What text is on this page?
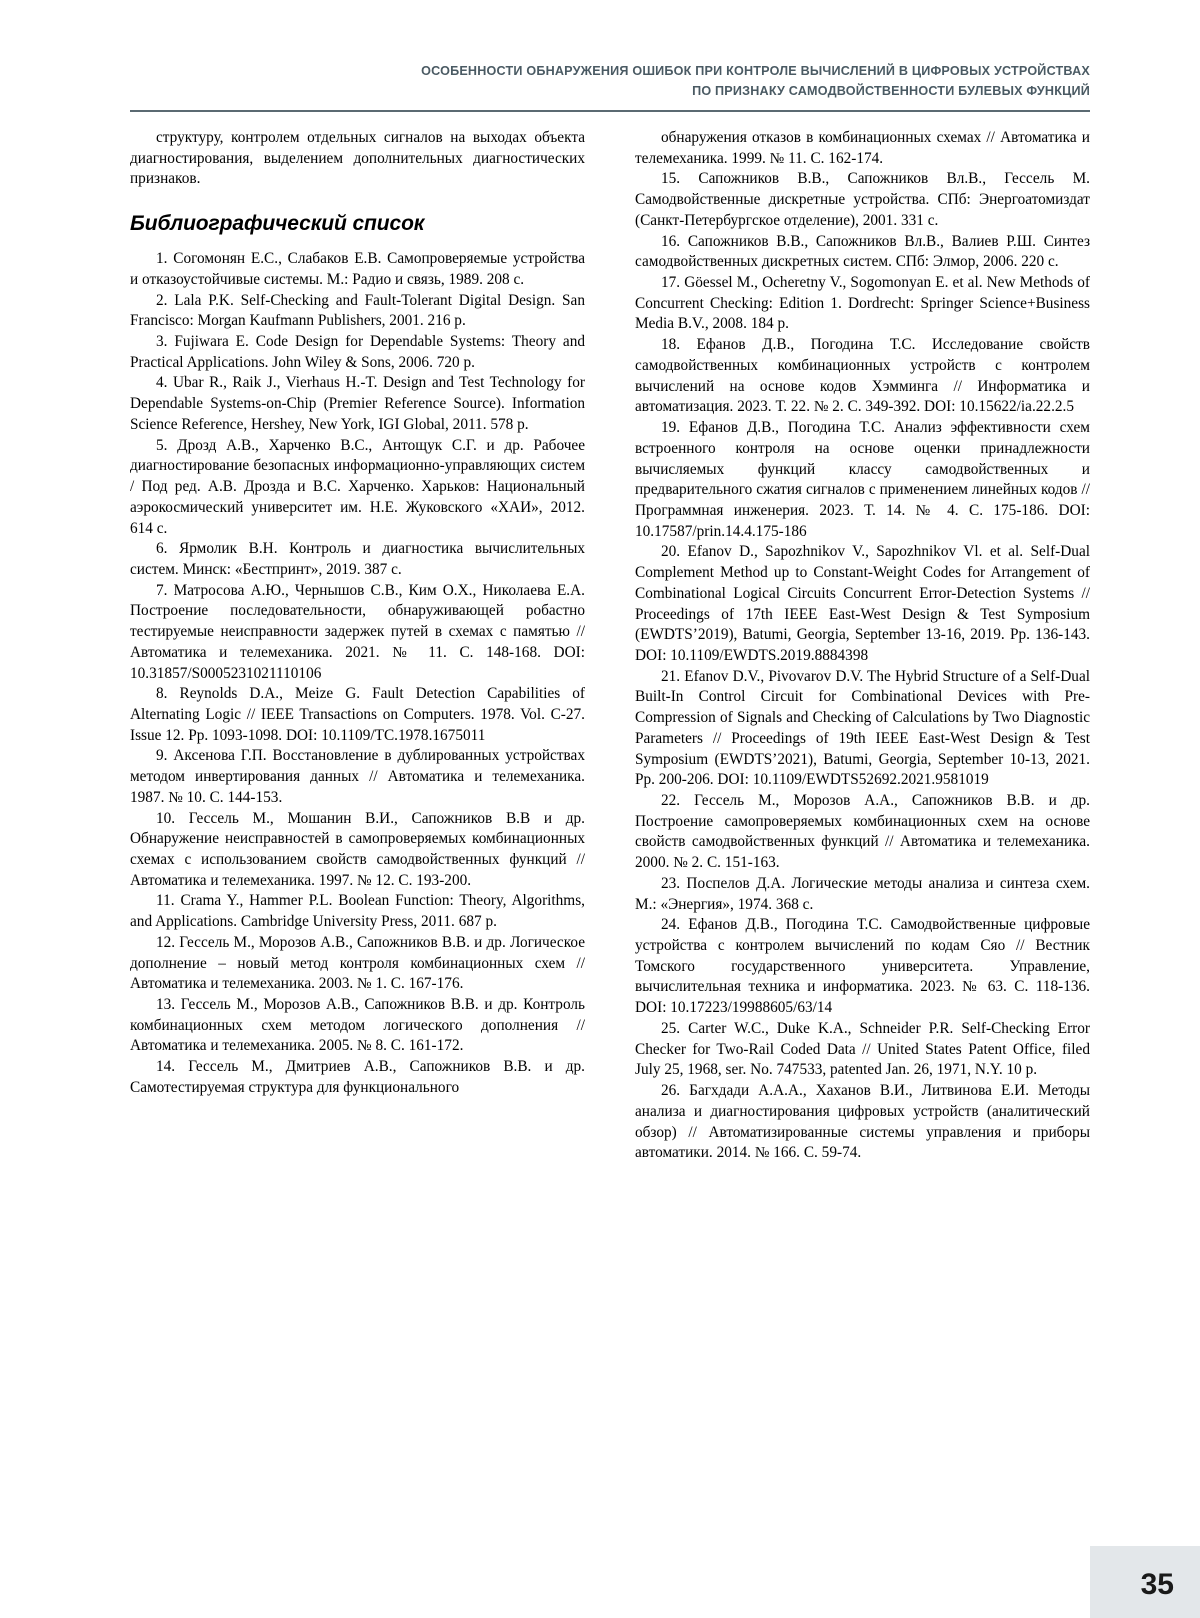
ОСОБЕННОСТИ ОБНАРУЖЕНИЯ ОШИБОК ПРИ КОНТРОЛЕ ВЫЧИСЛЕНИЙ В ЦИФРОВЫХ УСТРОЙСТВАХ
ПО ПРИЗНАКУ САМОДВОЙСТВЕННОСТИ БУЛЕВЫХ ФУНКЦИЙ

структуру, контролем отдельных сигналов на выходах объекта диагностирования, выделением дополнительных диагностических признаков.

Библиографический список
1. Согомонян Е.С., Слабаков Е.В. Самопроверяемые устройства и отказоустойчивые системы. М.: Радио и связь, 1989. 208 с.
2. Lala P.K. Self-Checking and Fault-Tolerant Digital Design. San Francisco: Morgan Kaufmann Publishers, 2001. 216 p.
3. Fujiwara E. Code Design for Dependable Systems: Theory and Practical Applications. John Wiley & Sons, 2006. 720 p.
4. Ubar R., Raik J., Vierhaus H.-T. Design and Test Technology for Dependable Systems-on-Chip (Premier Reference Source). Information Science Reference, Hershey, New York, IGI Global, 2011. 578 p.
5. Дрозд А.В., Харченко В.С., Антощук С.Г. и др. Рабочее диагностирование безопасных информационно-управляющих систем / Под ред. А.В. Дрозда и В.С. Харченко. Харьков: Национальный аэрокосмический университет им. Н.Е. Жуковского «ХАИ», 2012. 614 с.
6. Ярмолик В.Н. Контроль и диагностика вычислительных систем. Минск: «Бестпринт», 2019. 387 с.
7. Матросова А.Ю., Чернышов С.В., Ким О.Х., Николаева Е.А. Построение последовательности, обнаруживающей робастно тестируемые неисправности задержек путей в схемах с памятью // Автоматика и телемеханика. 2021. № 11. С. 148-168. DOI: 10.31857/S0005231021110106
8. Reynolds D.A., Meize G. Fault Detection Capabilities of Alternating Logic // IEEE Transactions on Computers. 1978. Vol. C-27. Issue 12. Pp. 1093-1098. DOI: 10.1109/TC.1978.1675011
9. Аксенова Г.П. Восстановление в дублированных устройствах методом инвертирования данных // Автоматика и телемеханика. 1987. № 10. С. 144-153.
10. Гессель М., Мошанин В.И., Сапожников В.В и др. Обнаружение неисправностей в самопроверяемых комбинационных схемах с использованием свойств самодвойственных функций // Автоматика и телемеханика. 1997. № 12. С. 193-200.
11. Crama Y., Hammer P.L. Boolean Function: Theory, Algorithms, and Applications. Cambridge University Press, 2011. 687 p.
12. Гессель М., Морозов А.В., Сапожников В.В. и др. Логическое дополнение – новый метод контроля комбинационных схем // Автоматика и телемеханика. 2003. № 1. С. 167-176.
13. Гессель М., Морозов А.В., Сапожников В.В. и др. Контроль комбинационных схем методом логического дополнения // Автоматика и телемеханика. 2005. № 8. С. 161-172.
14. Гессель М., Дмитриев А.В., Сапожников В.В. и др. Самотестируемая структура для функционального
обнаружения отказов в комбинационных схемах // Автоматика и телемеханика. 1999. № 11. С. 162-174.
15. Сапожников В.В., Сапожников Вл.В., Гессель М. Самодвойственные дискретные устройства. СПб: Энергоатомиздат (Санкт-Петербургское отделение), 2001. 331 с.
16. Сапожников В.В., Сапожников Вл.В., Валиев Р.Ш. Синтез самодвойственных дискретных систем. СПб: Элмор, 2006. 220 с.
17. Göessel M., Ocheretny V., Sogomonyan E. et al. New Methods of Concurrent Checking: Edition 1. Dordrecht: Springer Science+Business Media B.V., 2008. 184 p.
18. Ефанов Д.В., Погодина Т.С. Исследование свойств самодвойственных комбинационных устройств с контролем вычислений на основе кодов Хэмминга // Информатика и автоматизация. 2023. Т. 22. № 2. С. 349-392. DOI: 10.15622/ia.22.2.5
19. Ефанов Д.В., Погодина Т.С. Анализ эффективности схем встроенного контроля на основе оценки принадлежности вычисляемых функций классу самодвойственных и предварительного сжатия сигналов с применением линейных кодов // Программная инженерия. 2023. Т. 14. № 4. С. 175-186. DOI: 10.17587/prin.14.4.175-186
20. Efanov D., Sapozhnikov V., Sapozhnikov Vl. et al. Self-Dual Complement Method up to Constant-Weight Codes for Arrangement of Combinational Logical Circuits Concurrent Error-Detection Systems // Proceedings of 17th IEEE East-West Design & Test Symposium (EWDTS’2019), Batumi, Georgia, September 13-16, 2019. Pp. 136-143. DOI: 10.1109/EWDTS.2019.8884398
21. Efanov D.V., Pivovarov D.V. The Hybrid Structure of a Self-Dual Built-In Control Circuit for Combinational Devices with Pre-Compression of Signals and Checking of Calculations by Two Diagnostic Parameters // Proceedings of 19th IEEE East-West Design & Test Symposium (EWDTS’2021), Batumi, Georgia, September 10-13, 2021. Pp. 200-206. DOI: 10.1109/EWDTS52692.2021.9581019
22. Гессель М., Морозов А.А., Сапожников В.В. и др. Построение самопроверяемых комбинационных схем на основе свойств самодвойственных функций // Автоматика и телемеханика. 2000. № 2. С. 151-163.
23. Поспелов Д.А. Логические методы анализа и синтеза схем. М.: «Энергия», 1974. 368 с.
24. Ефанов Д.В., Погодина Т.С. Самодвойственные цифровые устройства с контролем вычислений по кодам Сяо // Вестник Томского государственного университета. Управление, вычислительная техника и информатика. 2023. № 63. С. 118-136. DOI: 10.17223/19988605/63/14
25. Carter W.C., Duke K.A., Schneider P.R. Self-Checking Error Checker for Two-Rail Coded Data // United States Patent Office, filed July 25, 1968, ser. No. 747533, patented Jan. 26, 1971, N.Y. 10 p.
26. Багхдади А.А.А., Хаханов В.И., Литвинова Е.И. Методы анализа и диагностирования цифровых устройств (аналитический обзор) // Автоматизированные системы управления и приборы автоматики. 2014. № 166. С. 59-74.
35
